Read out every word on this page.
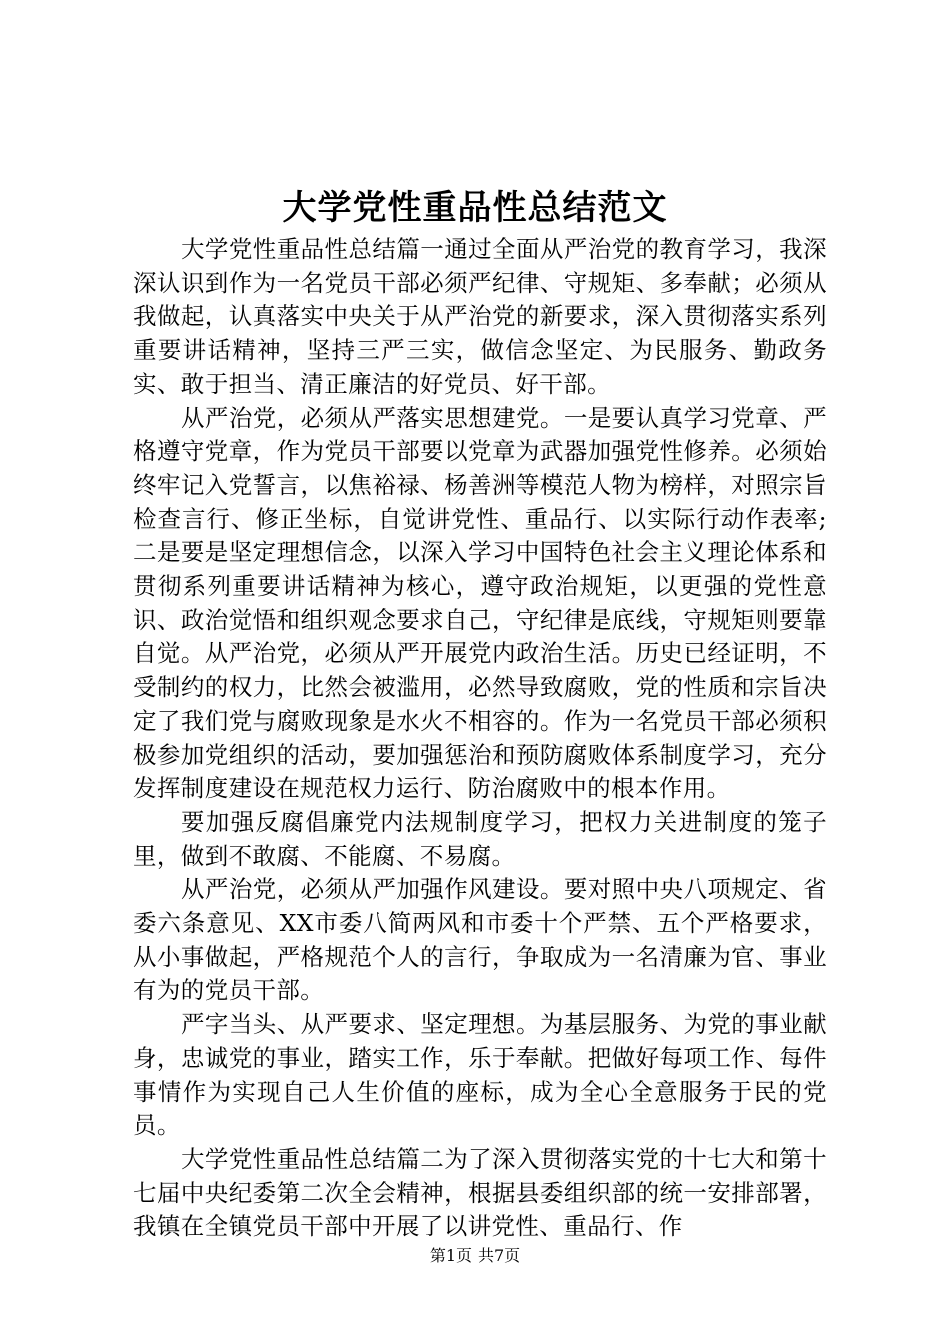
大学党性重品性总结范文

大学党性重品性总结篇一通过全面从严治党的教育学习，我深深认识到作为一名党员干部必须严纪律、守规矩、多奉献；必须从我做起，认真落实中央关于从严治党的新要求，深入贯彻落实系列重要讲话精神，坚持三严三实，做信念坚定、为民服务、勤政务实、敢于担当、清正廉洁的好党员、好干部。

从严治党，必须从严落实思想建党。一是要认真学习党章、严格遵守党章，作为党员干部要以党章为武器加强党性修养。必须始终牢记入党誓言，以焦裕禄、杨善洲等模范人物为榜样，对照宗旨检查言行、修正坐标，自觉讲党性、重品行、以实际行动作表率;二是要是坚定理想信念，以深入学习中国特色社会主义理论体系和贯彻系列重要讲话精神为核心，遵守政治规矩，以更强的党性意识、政治觉悟和组织观念要求自己，守纪律是底线，守规矩则要靠自觉。从严治党，必须从严开展党内政治生活。历史已经证明，不受制约的权力，比然会被滥用，必然导致腐败，党的性质和宗旨决定了我们党与腐败现象是水火不相容的。作为一名党员干部必须积极参加党组织的活动，要加强惩治和预防腐败体系制度学习，充分发挥制度建设在规范权力运行、防治腐败中的根本作用。

要加强反腐倡廉党内法规制度学习，把权力关进制度的笼子里，做到不敢腐、不能腐、不易腐。

从严治党，必须从严加强作风建设。要对照中央八项规定、省委六条意见、XX市委八简两风和市委十个严禁、五个严格要求，从小事做起，严格规范个人的言行，争取成为一名清廉为官、事业有为的党员干部。

严字当头、从严要求、坚定理想。为基层服务、为党的事业献身，忠诚党的事业，踏实工作，乐于奉献。把做好每项工作、每件事情作为实现自己人生价值的座标，成为全心全意服务于民的党员。

大学党性重品性总结篇二为了深入贯彻落实党的十七大和第十七届中央纪委第二次全会精神，根据县委组织部的统一安排部署，我镇在全镇党员干部中开展了以讲党性、重品行、作

第1页 共7页
